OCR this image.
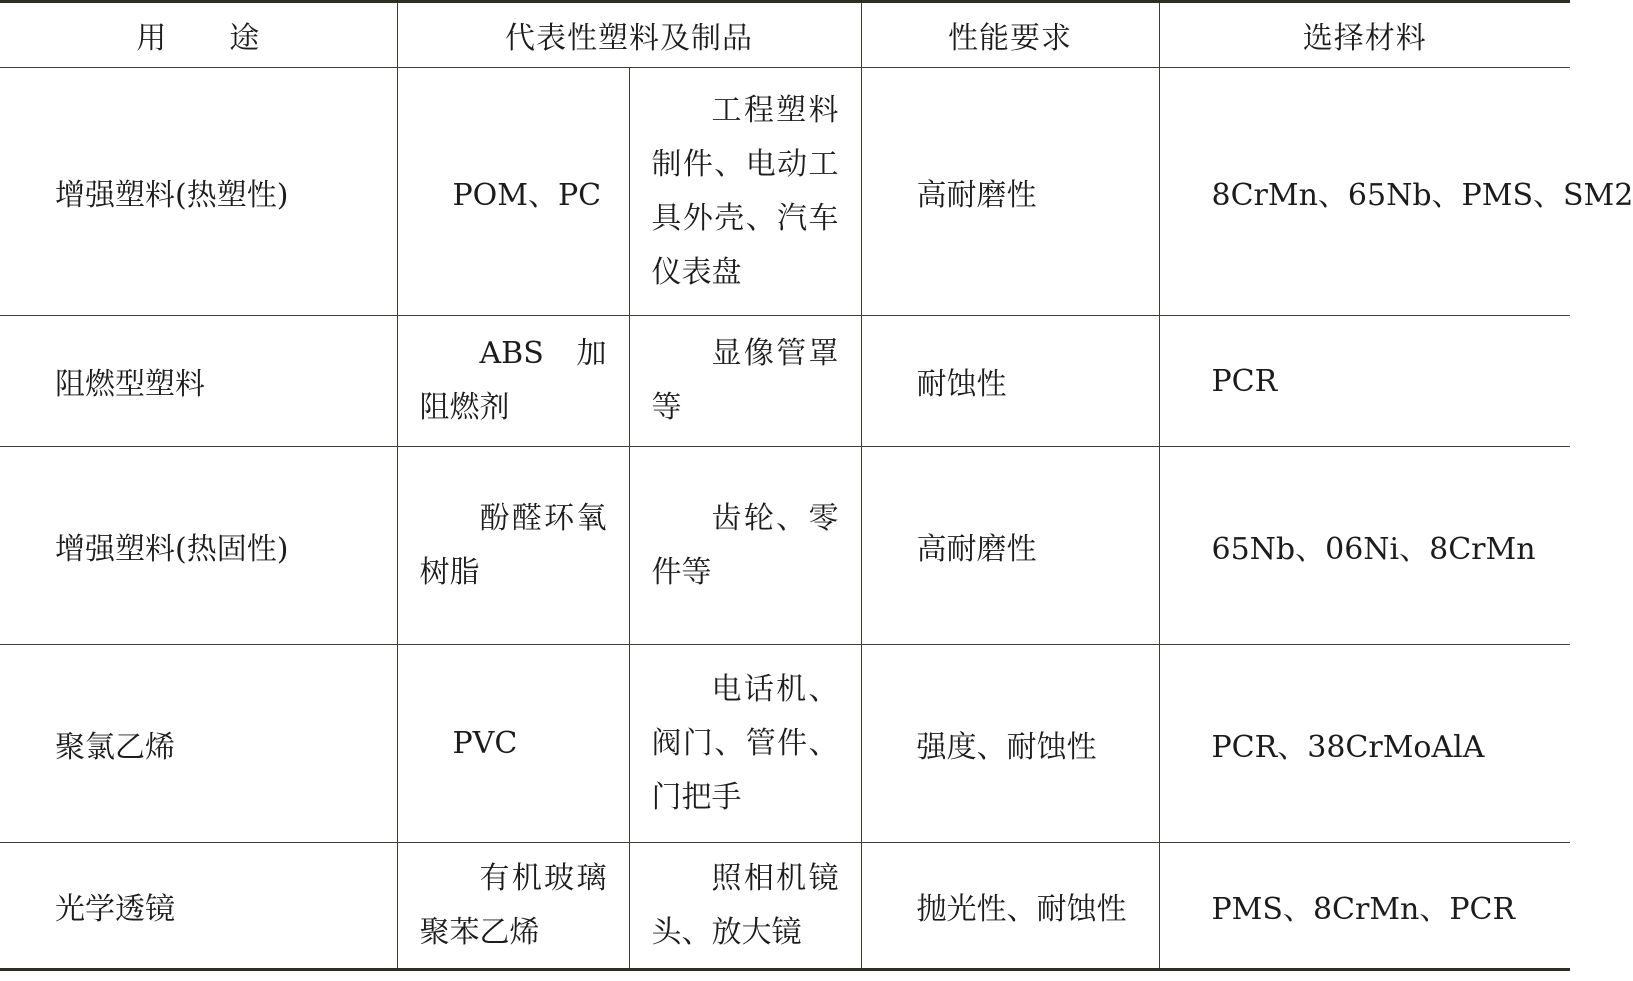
用　　途	代表性塑料及制品		性能要求	选择材料
增强塑料(热塑性)	POM、PC	工程塑料制件、电动工具外壳、汽车仪表盘	高耐磨性	8CrMn、65Nb、PMS、SM2
阻燃型塑料	ABS 加阻燃剂	显像管罩等	耐蚀性	PCR
增强塑料(热固性)	酚醛环氧树脂	齿轮、零件等	高耐磨性	65Nb、06Ni、8CrMn
聚氯乙烯	PVC	电话机、阀门、管件、门把手	强度、耐蚀性	PCR、38CrMoAlA
光学透镜	有机玻璃聚苯乙烯	照相机镜头、放大镜	抛光性、耐蚀性	PMS、8CrMn、PCR
